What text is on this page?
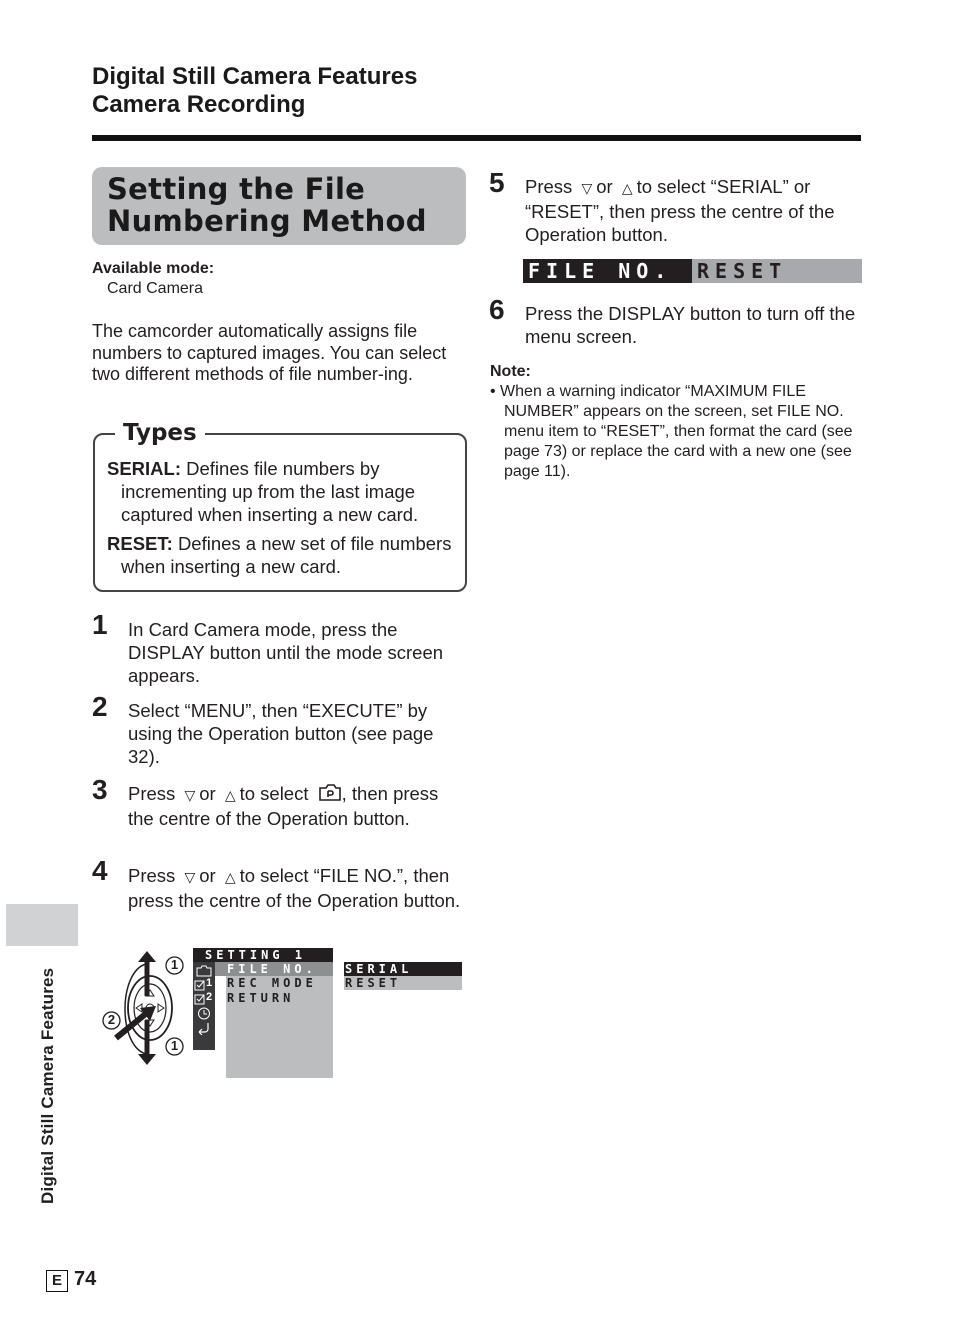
Digital Still Camera Features
Camera Recording
Setting the File
Numbering Method
Available mode:
Card Camera
The camcorder automatically assigns file numbers to captured images. You can select two different methods of file number-ing.
Types
SERIAL: Defines file numbers by incrementing up from the last image captured when inserting a new card.
RESET: Defines a new set of file numbers when inserting a new card.
1 In Card Camera mode, press the DISPLAY button until the mode screen appears.
2 Select “MENU”, then “EXECUTE” by using the Operation button (see page 32).
3 Press ▽ or △ to select , then press the centre of the Operation button.
4 Press ▽ or △ to select “FILE NO.”, then press the centre of the Operation button.
1
2
1
SETTING 1
1
2
FILE NO.
REC MODE
RETURN
SERIAL
RESET
5 Press ▽ or △ to select “SERIAL” or “RESET”, then press the centre of the Operation button.
FILE NO.	RESET
6 Press the DISPLAY button to turn off the menu screen.
Note:
• When a warning indicator “MAXIMUM FILE NUMBER” appears on the screen, set FILE NO. menu item to “RESET”, then format the card (see page 73) or replace the card with a new one (see page 11).
Digital Still Camera Features
E 74
